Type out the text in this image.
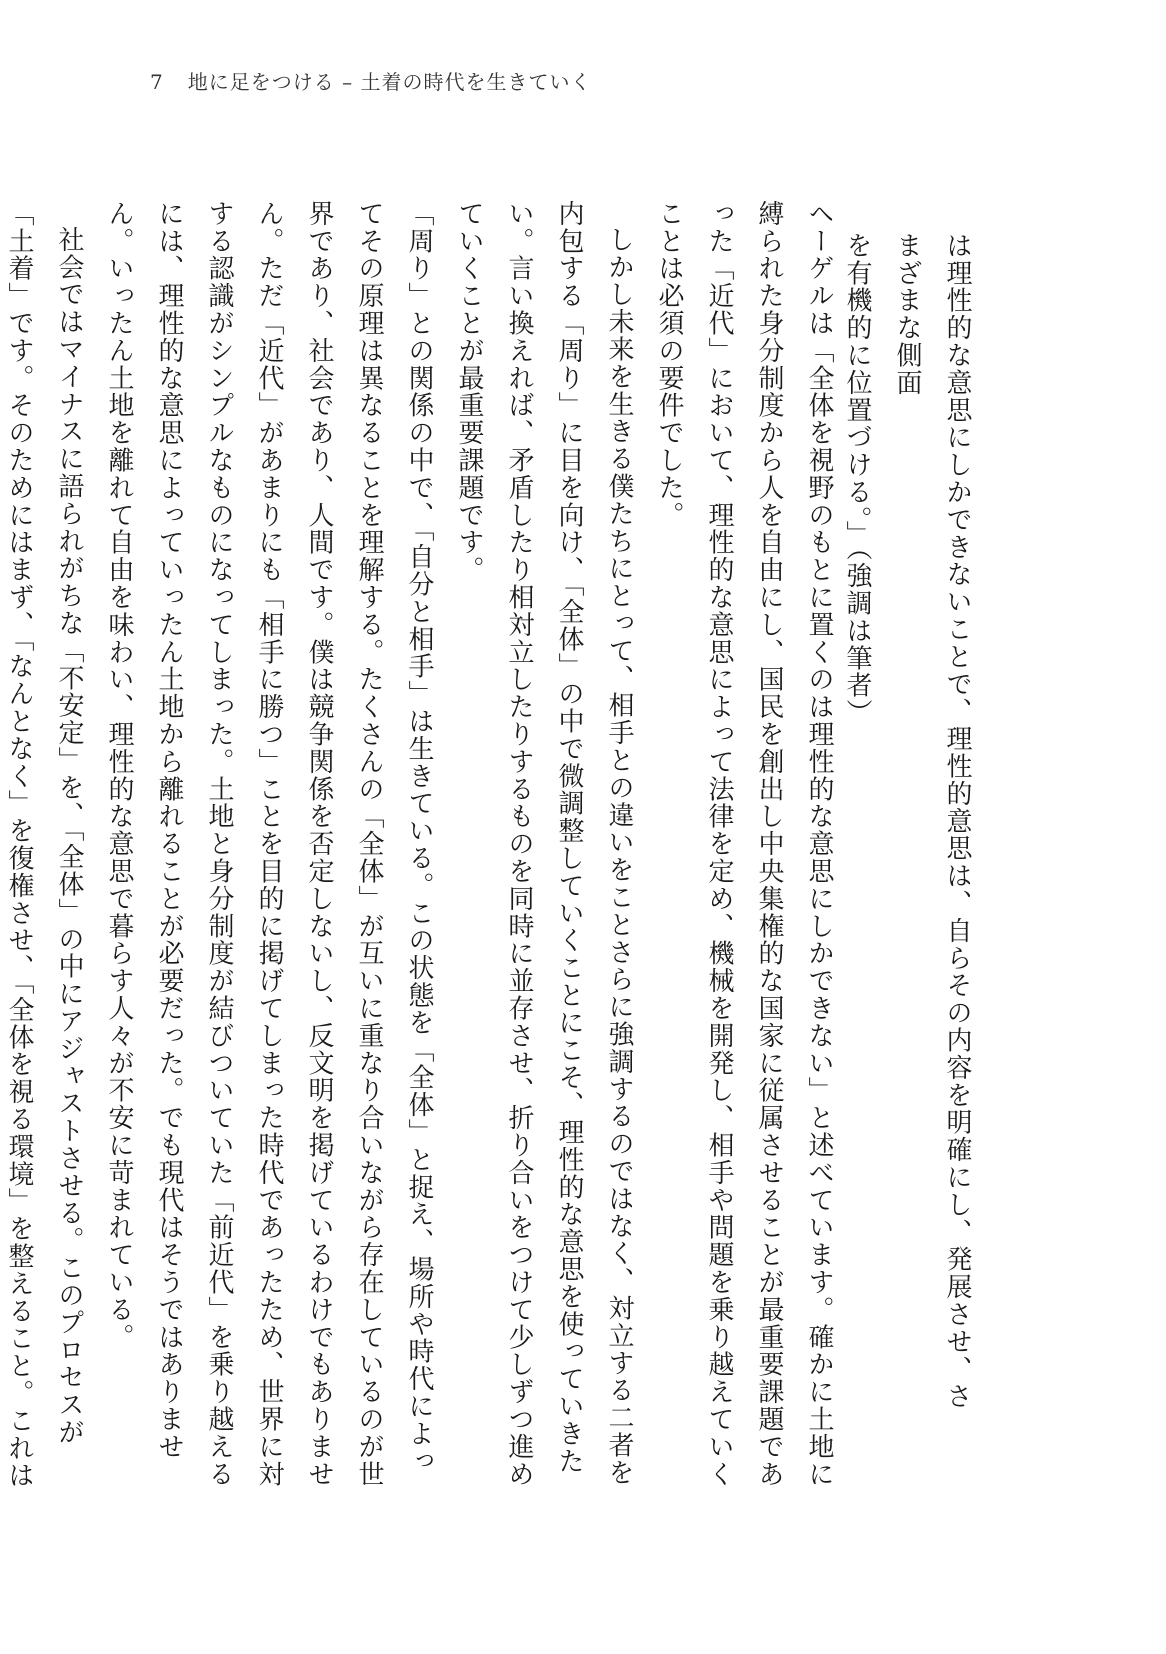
7 地に足をつける – 土着の時代を生きていく
は理性的な意思にしかできないことで、理性的意思は、自らその内容を明確にし、発展させ、さまざまな側面
を有機的に位置づける。」（強調は筆者）

ヘーゲルは「全体を視野のもとに置くのは理性的な意思にしかできない」と述べています。確かに土地に縛られた身分制度から人を自由にし、国民を創出し中央集権的な国家に従属させることが最重要課題であった「近代」において、理性的な意思によって法律を定め、機械を開発し、相手や問題を乗り越えていくことは必須の要件でした。

しかし未来を生きる僕たちにとって、相手との違いをことさらに強調するのではなく、対立する二者を内包する「周り」に目を向け、「全体」の中で微調整していくことにこそ、理性的な意思を使っていきたい。言い換えれば、矛盾したり相対立したりするものを同時に並存させ、折り合いをつけて少しずつ進めていくことが最重要課題です。

「周り」との関係の中で、「自分と相手」は生きている。この状態を「全体」と捉え、場所や時代によってその原理は異なることを理解する。たくさんの「全体」が互いに重なり合いながら存在しているのが世界であり、社会であり、人間です。僕は競争関係を否定しないし、反文明を掲げているわけでもありません。ただ「近代」があまりにも「相手に勝つ」ことを目的に掲げてしまった時代であったため、世界に対する認識がシンプルなものになってしまった。土地と身分制度が結びついていた「前近代」を乗り越えるには、理性的な意思によっていったん土地から離れることが必要だった。でも現代はそうではありません。いったん土地を離れて自由を味わい、理性的な意思で暮らす人々が不安に苛まれている。

社会ではマイナスに語られがちな「不安定」を、「全体」の中にアジャストさせる。このプロセスが「土着」です。そのためにはまず、「なんとなく」を復権させ、「全体を視る環境」を整えること。これは
